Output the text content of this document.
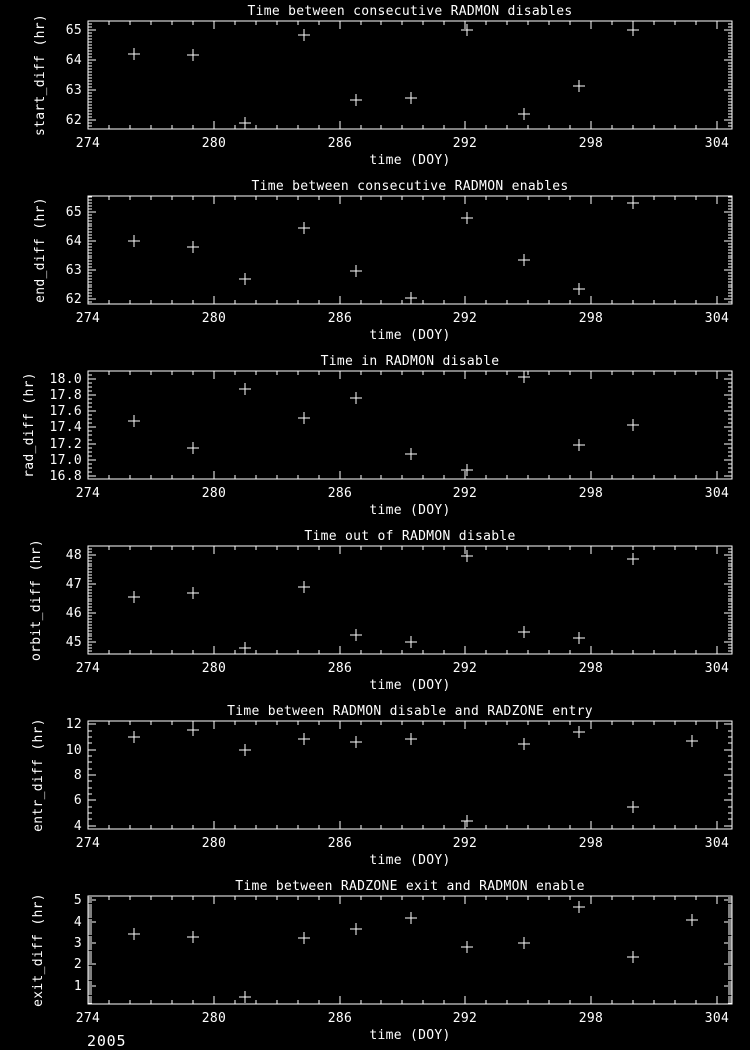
274	280	286	292	298	304
62
63
64
65
Time between consecutive RADMON disables
time (DOY)
start_diff (hr)
274	280	286	292	298	304
62
63
64
65
Time between consecutive RADMON enables
time (DOY)
end_diff (hr)
274	280	286	292	298	304
16.8
17.0
17.2
17.4
17.6
17.8
18.0
Time in RADMON disable
time (DOY)
rad_diff (hr)
274	280	286	292	298	304
45
46
47
48
Time out of RADMON disable
time (DOY)
orbit_diff (hr)
274	280	286	292	298	304
4
6
8
10
12
Time between RADMON disable and RADZONE entry
time (DOY)
entr_diff (hr)
274	280	286	292	298	304
1
2
3
4
5
Time between RADZONE exit and RADMON enable
time (DOY)
exit_diff (hr)
2005
